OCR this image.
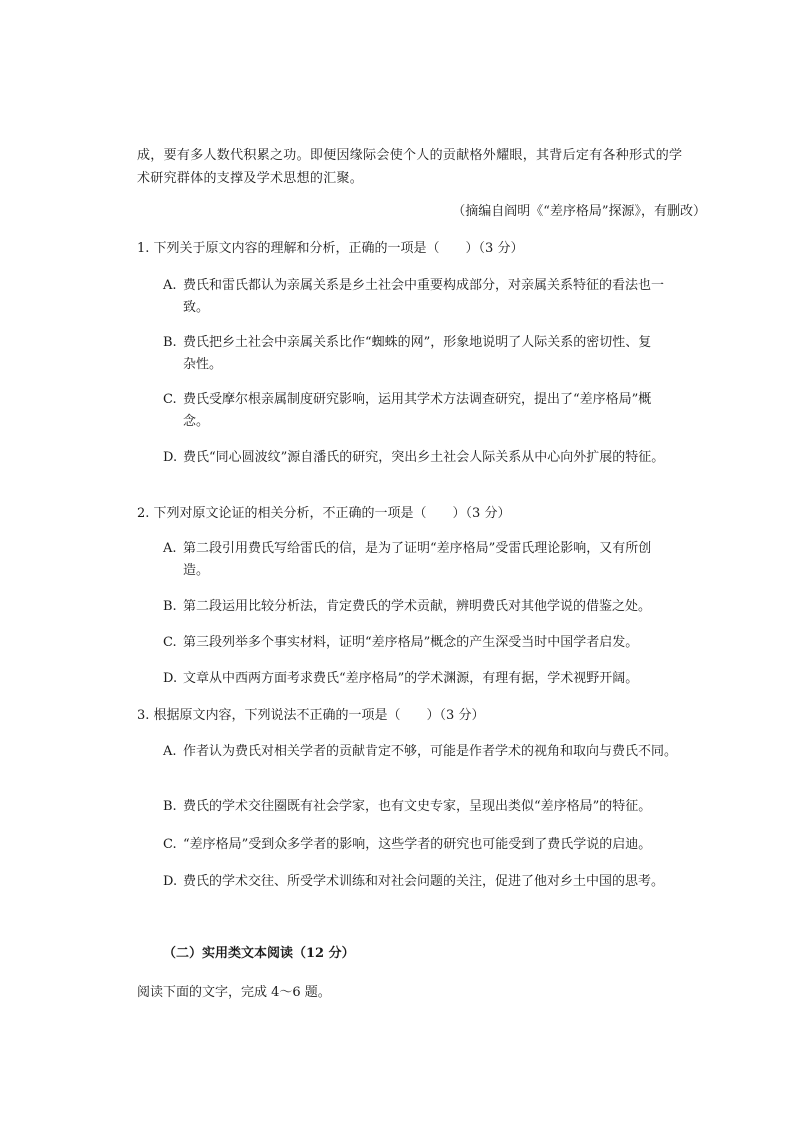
成，要有多人数代积累之功。即便因缘际会使个人的贡献格外耀眼，其背后定有各种形式的学
术研究群体的支撑及学术思想的汇聚。
（摘编自阎明《“差序格局”探源》，有删改）
1. 下列关于原文内容的理解和分析，正确的一项是（　　）（3 分）
A. 费氏和雷氏都认为亲属关系是乡土社会中重要构成部分，对亲属关系特征的看法也一
致。
B. 费氏把乡土社会中亲属关系比作“蜘蛛的网”，形象地说明了人际关系的密切性、复
杂性。
C. 费氏受摩尔根亲属制度研究影响，运用其学术方法调查研究，提出了“差序格局”概
念。
D. 费氏“同心圆波纹”源自潘氏的研究，突出乡土社会人际关系从中心向外扩展的特征。
2. 下列对原文论证的相关分析，不正确的一项是（　　）（3 分）
A. 第二段引用费氏写给雷氏的信，是为了证明“差序格局”受雷氏理论影响，又有所创
造。
B. 第二段运用比较分析法，肯定费氏的学术贡献，辨明费氏对其他学说的借鉴之处。
C. 第三段列举多个事实材料，证明“差序格局”概念的产生深受当时中国学者启发。
D. 文章从中西两方面考求费氏“差序格局”的学术渊源，有理有据，学术视野开阔。
3. 根据原文内容，下列说法不正确的一项是（　　）（3 分）
A. 作者认为费氏对相关学者的贡献肯定不够，可能是作者学术的视角和取向与费氏不同。
B. 费氏的学术交往圈既有社会学家，也有文史专家，呈现出类似“差序格局”的特征。
C. “差序格局”受到众多学者的影响，这些学者的研究也可能受到了费氏学说的启迪。
D. 费氏的学术交往、所受学术训练和对社会问题的关注，促进了他对乡土中国的思考。
（二）实用类文本阅读（12 分）
阅读下面的文字，完成 4～6 题。
